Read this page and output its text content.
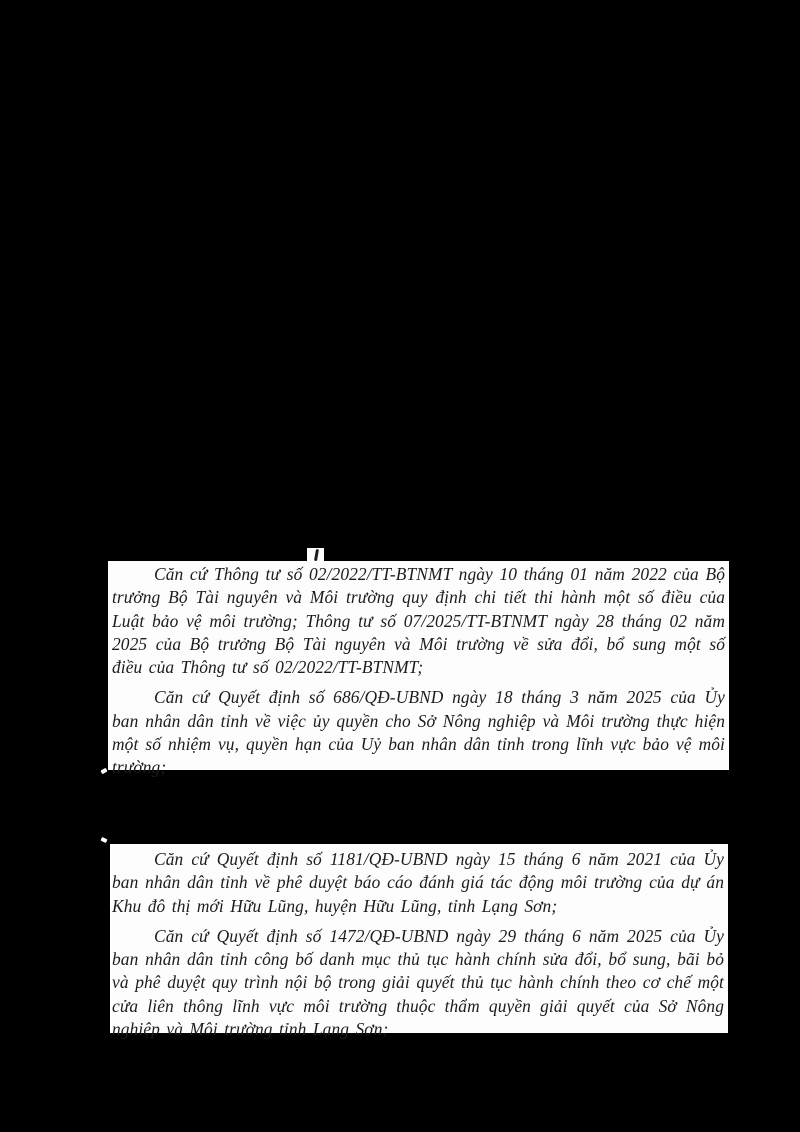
Căn cứ Thông tư số 02/2022/TT-BTNMT ngày 10 tháng 01 năm 2022 của Bộ trưởng Bộ Tài nguyên và Môi trường quy định chi tiết thi hành một số điều của Luật bảo vệ môi trường; Thông tư số 07/2025/TT-BTNMT ngày 28 tháng 02 năm 2025 của Bộ trưởng Bộ Tài nguyên và Môi trường về sửa đổi, bổ sung một số điều của Thông tư số 02/2022/TT-BTNMT;

Căn cứ Quyết định số 686/QĐ-UBND ngày 18 tháng 3 năm 2025 của Ủy ban nhân dân tỉnh về việc ủy quyền cho Sở Nông nghiệp và Môi trường thực hiện một số nhiệm vụ, quyền hạn của Uỷ ban nhân dân tỉnh trong lĩnh vực bảo vệ môi trường;

Căn cứ Quyết định số 1181/QĐ-UBND ngày 15 tháng 6 năm 2021 của Ủy ban nhân dân tỉnh về phê duyệt báo cáo đánh giá tác động môi trường của dự án Khu đô thị mới Hữu Lũng, huyện Hữu Lũng, tỉnh Lạng Sơn;

Căn cứ Quyết định số 1472/QĐ-UBND ngày 29 tháng 6 năm 2025 của Ủy ban nhân dân tỉnh công bố danh mục thủ tục hành chính sửa đổi, bổ sung, bãi bỏ và phê duyệt quy trình nội bộ trong giải quyết thủ tục hành chính theo cơ chế một cửa liên thông lĩnh vực môi trường thuộc thẩm quyền giải quyết của Sở Nông nghiệp và Môi trường tỉnh Lạng Sơn;
